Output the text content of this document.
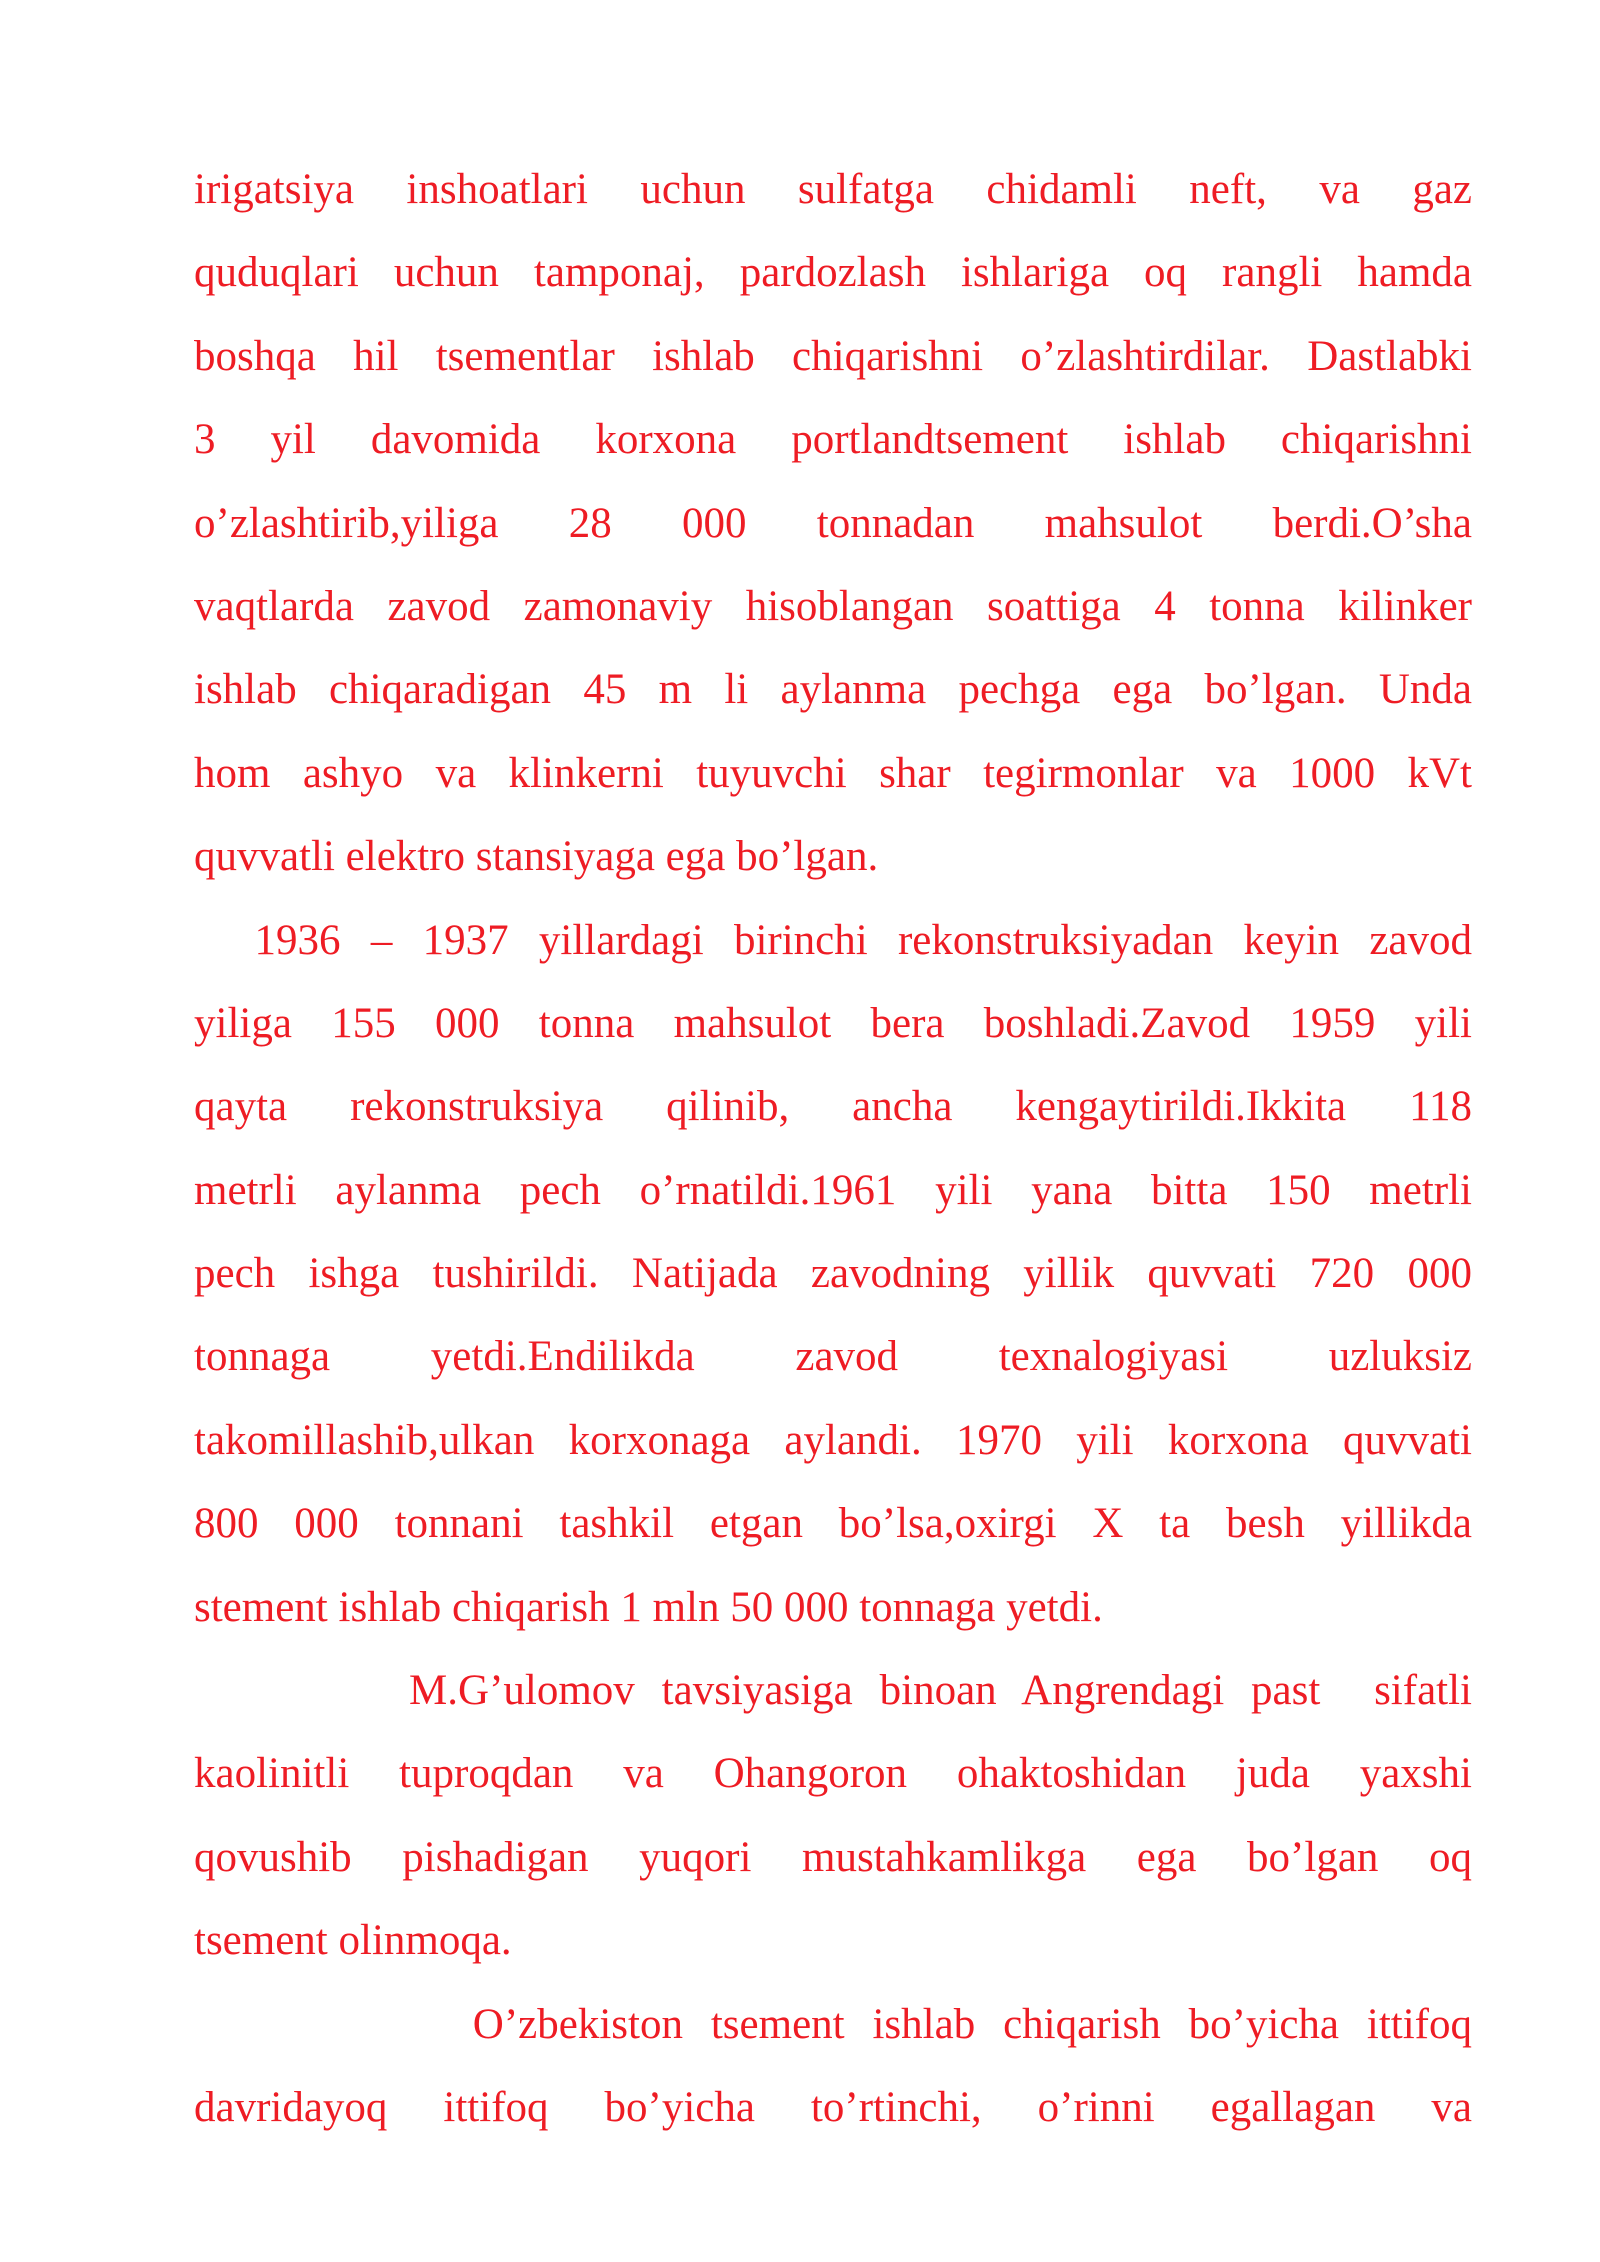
irigatsiya inshoatlari uchun sulfatga chidamli neft, va gaz
quduqlari uchun tamponaj, pardozlash ishlariga oq rangli hamda
boshqa hil tsementlar ishlab chiqarishni o’zlashtirdilar. Dastlabki
3 yil davomida korxona portlandtsement ishlab chiqarishni
o’zlashtirib,yiliga 28 000 tonnadan mahsulot berdi.O’sha
vaqtlarda zavod zamonaviy hisoblangan soattiga 4 tonna kilinker
ishlab chiqaradigan 45 m li aylanma pechga ega bo’lgan. Unda
hom ashyo va klinkerni tuyuvchi shar tegirmonlar va 1000 kVt
quvvatli elektro stansiyaga ega bo’lgan.
1936 – 1937 yillardagi birinchi rekonstruksiyadan keyin zavod
yiliga 155 000 tonna mahsulot bera boshladi.Zavod 1959 yili
qayta rekonstruksiya qilinib, ancha kengaytirildi.Ikkita 118
metrli aylanma pech o’rnatildi.1961 yili yana bitta 150 metrli
pech ishga tushirildi. Natijada zavodning yillik quvvati 720 000
tonnaga yetdi.Endilikda zavod texnalogiyasi uzluksiz
takomillashib,ulkan korxonaga aylandi. 1970 yili korxona quvvati
800 000 tonnani tashkil etgan bo’lsa,oxirgi X ta besh yillikda
stement ishlab chiqarish 1 mln 50 000 tonnaga yetdi.
M.G’ulomov tavsiyasiga binoan Angrendagi past  sifatli
kaolinitli tuproqdan va Ohangoron ohaktoshidan juda yaxshi
qovushib pishadigan yuqori mustahkamlikga ega bo’lgan oq
tsement olinmoqa.
O’zbekiston tsement ishlab chiqarish bo’yicha ittifoq
davridayoq ittifoq bo’yicha to’rtinchi, o’rinni egallagan va
